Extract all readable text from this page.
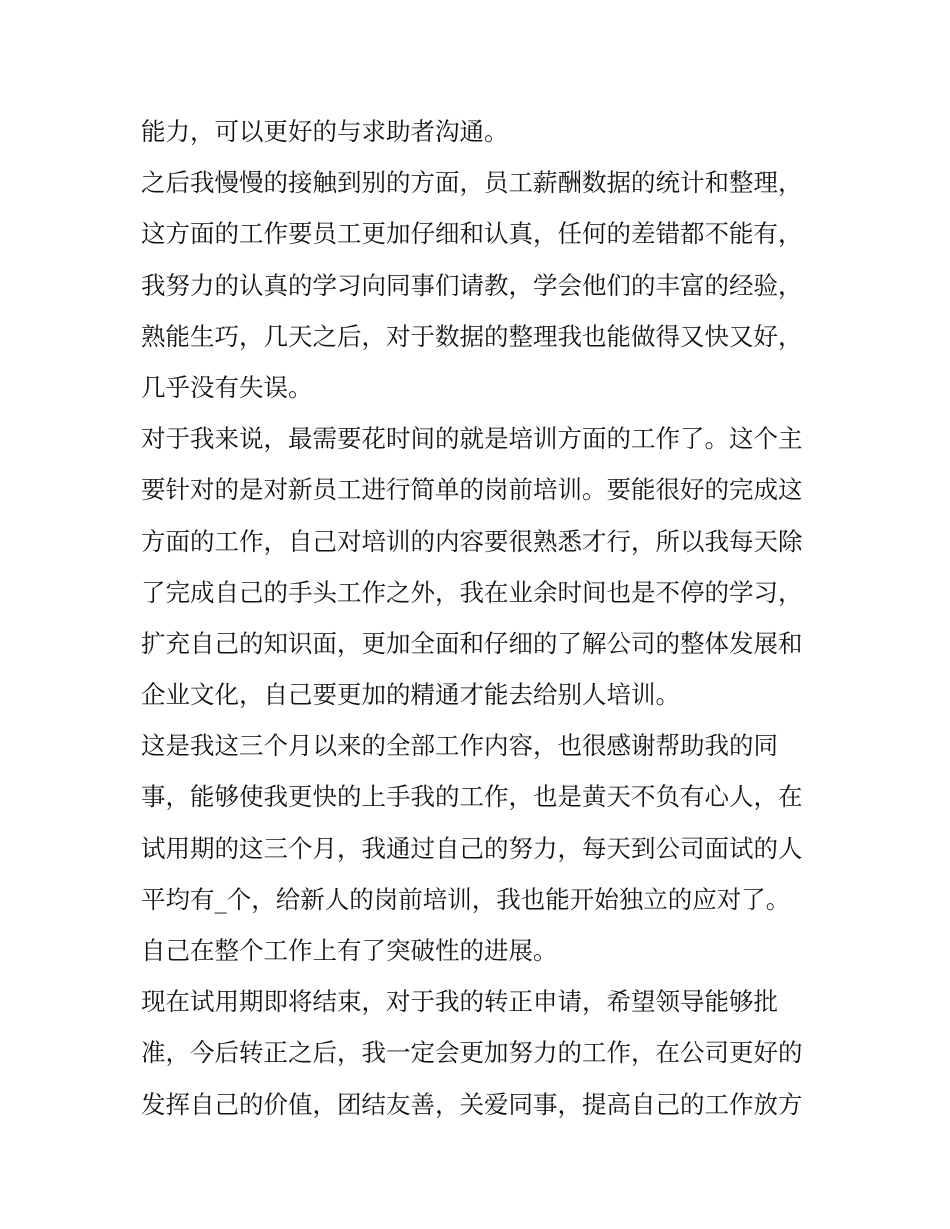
能力，可以更好的与求助者沟通。
之后我慢慢的接触到别的方面，员工薪酬数据的统计和整理，
这方面的工作要员工更加仔细和认真，任何的差错都不能有，
我努力的认真的学习向同事们请教，学会他们的丰富的经验，
熟能生巧，几天之后，对于数据的整理我也能做得又快又好，
几乎没有失误。
对于我来说，最需要花时间的就是培训方面的工作了。这个主
要针对的是对新员工进行简单的岗前培训。要能很好的完成这
方面的工作，自己对培训的内容要很熟悉才行，所以我每天除
了完成自己的手头工作之外，我在业余时间也是不停的学习，
扩充自己的知识面，更加全面和仔细的了解公司的整体发展和
企业文化，自己要更加的精通才能去给别人培训。
这是我这三个月以来的全部工作内容，也很感谢帮助我的同
事，能够使我更快的上手我的工作，也是黄天不负有心人，在
试用期的这三个月，我通过自己的努力，每天到公司面试的人
平均有_个，给新人的岗前培训，我也能开始独立的应对了。
自己在整个工作上有了突破性的进展。
现在试用期即将结束，对于我的转正申请，希望领导能够批
准，今后转正之后，我一定会更加努力的工作，在公司更好的
发挥自己的价值，团结友善，关爱同事，提高自己的工作放方
